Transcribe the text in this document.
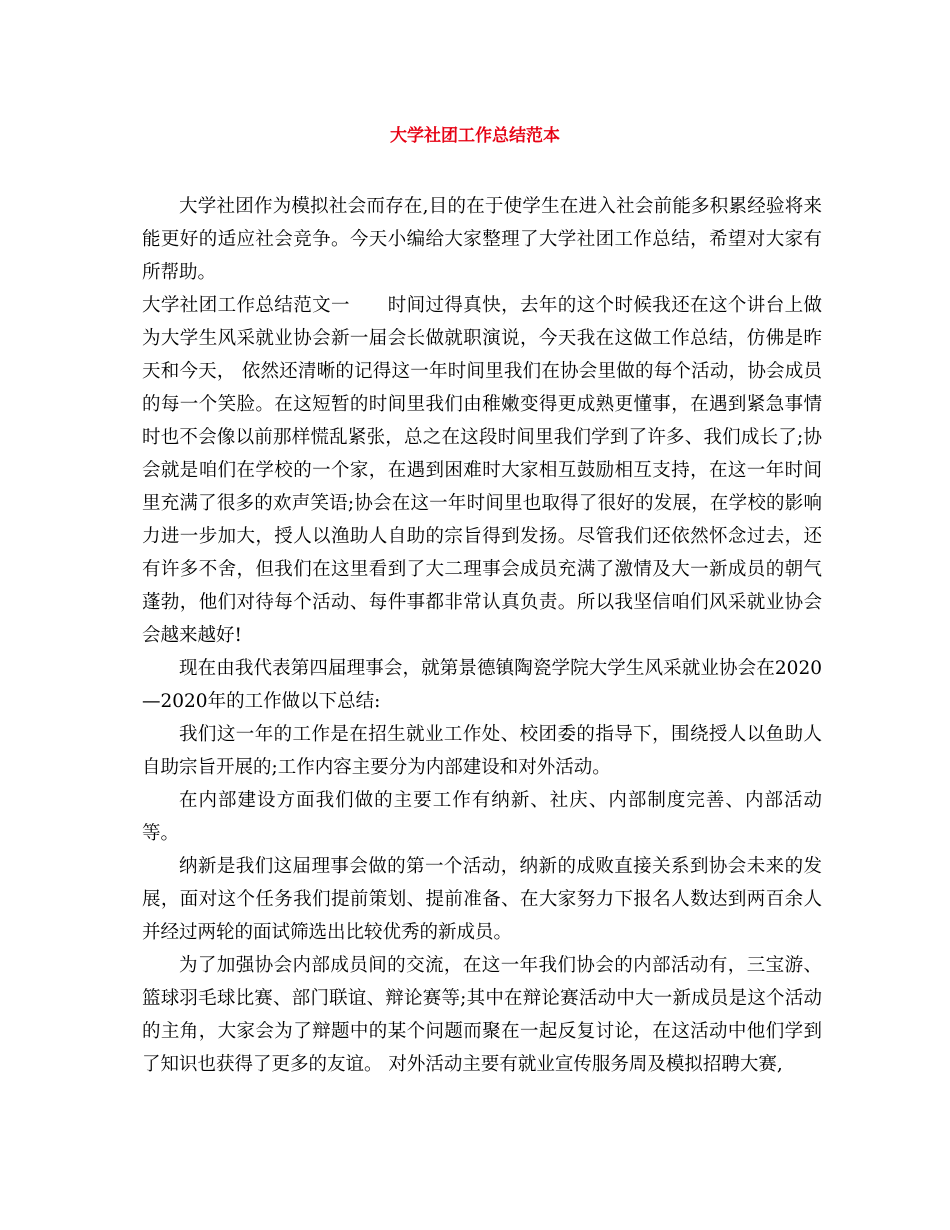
大学社团工作总结范本

大学社团作为模拟社会而存在,目的在于使学生在进入社会前能多积累经验将来能更好的适应社会竞争。今天小编给大家整理了大学社团工作总结，希望对大家有所帮助。

大学社团工作总结范文一　　时间过得真快，去年的这个时候我还在这个讲台上做为大学生风采就业协会新一届会长做就职演说，今天我在这做工作总结，仿佛是昨天和今天， 依然还清晰的记得这一年时间里我们在协会里做的每个活动，协会成员的每一个笑脸。在这短暂的时间里我们由稚嫩变得更成熟更懂事，在遇到紧急事情时也不会像以前那样慌乱紧张，总之在这段时间里我们学到了许多、我们成长了;协会就是咱们在学校的一个家，在遇到困难时大家相互鼓励相互支持，在这一年时间里充满了很多的欢声笑语;协会在这一年时间里也取得了很好的发展，在学校的影响力进一步加大，授人以渔助人自助的宗旨得到发扬。尽管我们还依然怀念过去，还有许多不舍，但我们在这里看到了大二理事会成员充满了激情及大一新成员的朝气蓬勃，他们对待每个活动、每件事都非常认真负责。所以我坚信咱们风采就业协会会越来越好!

现在由我代表第四届理事会，就第景德镇陶瓷学院大学生风采就业协会在2020—2020年的工作做以下总结:

我们这一年的工作是在招生就业工作处、校团委的指导下，围绕授人以鱼助人自助宗旨开展的;工作内容主要分为内部建设和对外活动。

在内部建设方面我们做的主要工作有纳新、社庆、内部制度完善、内部活动等。

纳新是我们这届理事会做的第一个活动，纳新的成败直接关系到协会未来的发展，面对这个任务我们提前策划、提前准备、在大家努力下报名人数达到两百余人并经过两轮的面试筛选出比较优秀的新成员。

为了加强协会内部成员间的交流，在这一年我们协会的内部活动有，三宝游、篮球羽毛球比赛、部门联谊、辩论赛等;其中在辩论赛活动中大一新成员是这个活动的主角，大家会为了辩题中的某个问题而聚在一起反复讨论，在这活动中他们学到了知识也获得了更多的友谊。 对外活动主要有就业宣传服务周及模拟招聘大赛,
